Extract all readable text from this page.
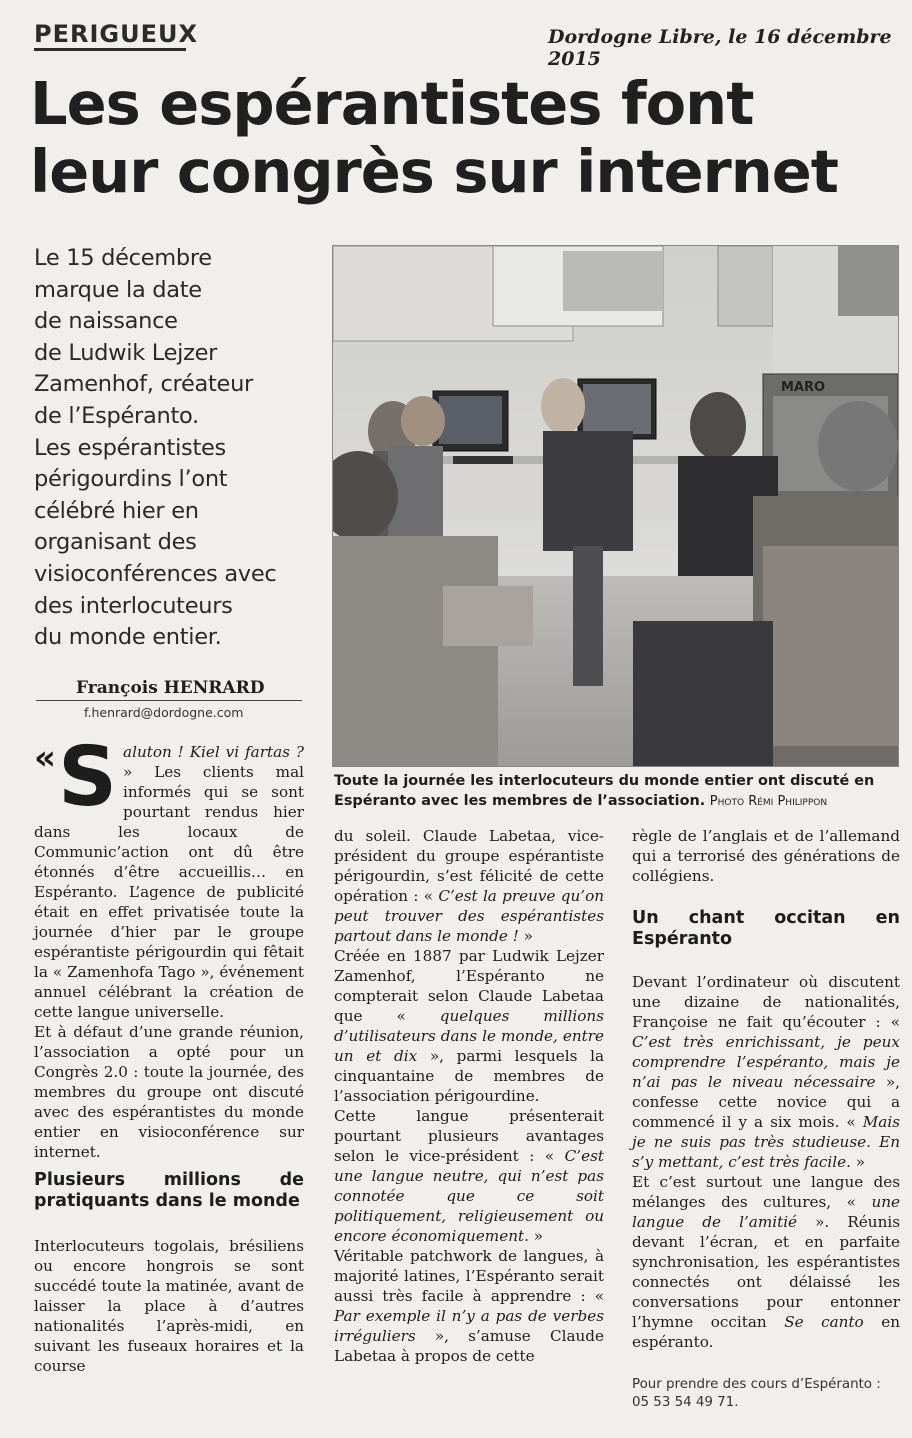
PERIGUEUX	Dordogne Libre, le 16 décembre 2015
Les espérantistes font
leur congrès sur internet

Le 15 décembre
marque la date
de naissance
de Ludwik Lejzer
Zamenhof, créateur
de l’Espéranto.
Les espérantistes
périgourdins l’ont
célébré hier en
organisant des
visioconférences avec
des interlocuteurs
du monde entier.

François HENRARD
f.henrard@dordogne.com
MARO

Toute la journée les interlocuteurs du monde entier ont discuté en Espéranto avec les membres de l’association. Photo Rémi Philippon

« S aluton ! Kiel vi fartas ? » Les clients mal informés qui se sont pourtant rendus hier dans les locaux de Communic’action ont dû être étonnés d’être accueillis… en Espéranto. L’agence de publicité était en effet privatisée toute la journée d’hier par le groupe espérantiste périgourdin qui fêtait la « Zamenhofa Tago », événement annuel célébrant la création de cette langue universelle.

Et à défaut d’une grande réunion, l’association a opté pour un Congrès 2.0 : toute la journée, des membres du groupe ont discuté avec des espérantistes du monde entier en visioconférence sur internet.

Plusieurs millions de pratiquants dans le monde

Interlocuteurs togolais, brésiliens ou encore hongrois se sont succédé toute la matinée, avant de laisser la place à d’autres nationalités l’après-midi, en suivant les fuseaux horaires et la course

du soleil. Claude Labetaa, vice-président du groupe espérantiste périgourdin, s’est félicité de cette opération : « C’est la preuve qu’on peut trouver des espérantistes partout dans le monde ! »

Créée en 1887 par Ludwik Lejzer Zamenhof, l’Espéranto ne compterait selon Claude Labetaa que « quelques millions d’utilisateurs dans le monde, entre un et dix », parmi lesquels la cinquantaine de membres de l’association périgourdine.

Cette langue présenterait pourtant plusieurs avantages selon le vice-président : « C’est une langue neutre, qui n’est pas connotée que ce soit politiquement, religieusement ou encore économiquement. »

Véritable patchwork de langues, à majorité latines, l’Espéranto serait aussi très facile à apprendre : « Par exemple il n’y a pas de verbes irréguliers », s’amuse Claude Labetaa à propos de cette

règle de l’anglais et de l’allemand qui a terrorisé des générations de collégiens.

Un chant occitan en Espéranto

Devant l’ordinateur où discutent une dizaine de nationalités, Françoise ne fait qu’écouter : « C’est très enrichissant, je peux comprendre l’espéranto, mais je n’ai pas le niveau nécessaire », confesse cette novice qui a commencé il y a six mois. « Mais je ne suis pas très studieuse. En s’y mettant, c’est très facile. »

Et c’est surtout une langue des mélanges des cultures, « une langue de l’amitié ». Réunis devant l’écran, et en parfaite synchronisation, les espérantistes connectés ont délaissé les conversations pour entonner l’hymne occitan Se canto en espéranto.

Pour prendre des cours d’Espéranto :
05 53 54 49 71.
